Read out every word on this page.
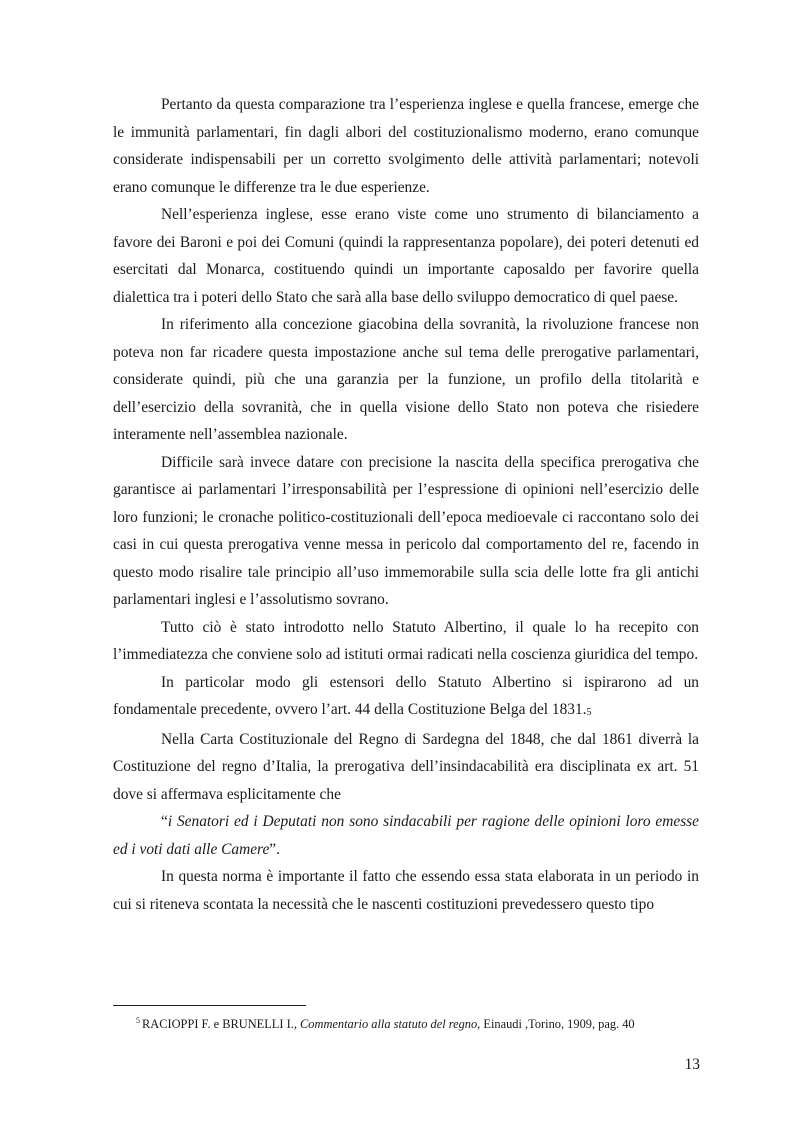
Pertanto da questa comparazione tra l’esperienza inglese e quella francese, emerge che le immunità parlamentari, fin dagli albori del costituzionalismo moderno, erano comunque considerate indispensabili per un corretto svolgimento delle attività parlamentari; notevoli erano comunque le differenze tra le due esperienze.

Nell’esperienza inglese, esse erano viste come uno strumento di bilanciamento a favore dei Baroni e poi dei Comuni (quindi la rappresentanza popolare), dei poteri detenuti ed esercitati dal Monarca, costituendo quindi un importante caposaldo per favorire quella dialettica tra i poteri dello Stato che sarà alla base dello sviluppo democratico di quel paese.

In riferimento alla concezione giacobina della sovranità, la rivoluzione francese non poteva non far ricadere questa impostazione anche sul tema delle prerogative parlamentari, considerate quindi, più che una garanzia per la funzione, un profilo della titolarità e dell’esercizio della sovranità, che in quella visione dello Stato non poteva che risiedere interamente nell’assemblea nazionale.

Difficile sarà invece datare con precisione la nascita della specifica prerogativa che garantisce ai parlamentari l’irresponsabilità per l’espressione di opinioni nell’esercizio delle loro funzioni; le cronache politico-costituzionali dell’epoca medioevale ci raccontano solo dei casi in cui questa prerogativa venne messa in pericolo dal comportamento del re, facendo in questo modo risalire tale principio all’uso immemorabile sulla scia delle lotte fra gli antichi parlamentari inglesi e l’assolutismo sovrano.

Tutto ciò è stato introdotto nello Statuto Albertino, il quale lo ha recepito con l’immediatezza che conviene solo ad istituti ormai radicati nella coscienza giuridica del tempo.

In particolar modo gli estensori dello Statuto Albertino si ispirarono ad un fondamentale precedente, ovvero l’art. 44 della Costituzione Belga del 1831.5

Nella Carta Costituzionale del Regno di Sardegna del 1848, che dal 1861 diverrà la Costituzione del regno d’Italia, la prerogativa dell’insindacabilità era disciplinata ex art. 51 dove si affermava esplicitamente che

“i Senatori ed i Deputati non sono sindacabili per ragione delle opinioni loro emesse ed i voti dati alle Camere”.

In questa norma è importante il fatto che essendo essa stata elaborata in un periodo in cui si riteneva scontata la necessità che le nascenti costituzioni prevedessero questo tipo

$^5$ RACIOPPI F. e BRUNELLI I., Commentario alla statuto del regno, Einaudi ,Torino, 1909, pag. 40
13
